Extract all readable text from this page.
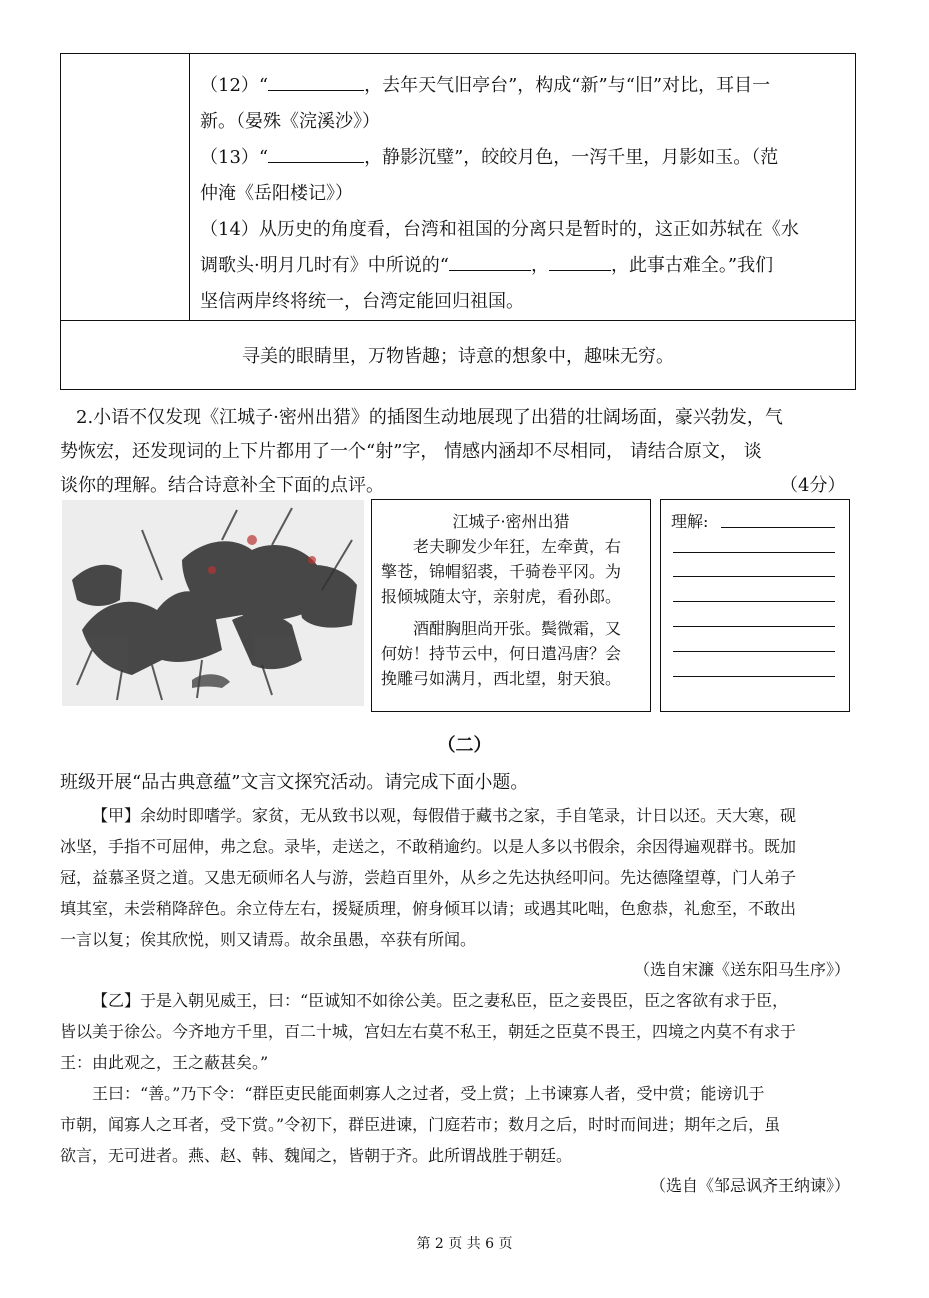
（12）“	，去年天气旧亭台”，构成“新”与“旧”对比，耳目一
新。（晏殊《浣溪沙》）
（13）“	，静影沉璧”，皎皎月色，一泻千里，月影如玉。（范
仲淹《岳阳楼记》）
（14）从历史的角度看，台湾和祖国的分离只是暂时的，这正如苏轼在《水
调歌头·明月几时有》中所说的“	，	，此事古难全。”我们
坚信两岸终将统一，台湾定能回归祖国。
寻美的眼睛里，万物皆趣；诗意的想象中，趣味无穷。
2.小语不仅发现《江城子·密州出猎》的插图生动地展现了出猎的壮阔场面，豪兴勃发，气
势恢宏，还发现词的上下片都用了一个“射”字， 情感内涵却不尽相同， 请结合原文， 谈
谈你的理解。结合诗意补全下面的点评。	（4分）
江城子·密州出猎
老夫聊发少年狂，左牵黄，右
擎苍，锦帽貂裘，千骑卷平冈。为
报倾城随太守，亲射虎，看孙郎。
酒酣胸胆尚开张。鬓微霜，又
何妨！持节云中，何日遣冯唐？会
挽雕弓如满月，西北望，射天狼。
理解:
（二）
班级开展“品古典意蕴”文言文探究活动。请完成下面小题。
【甲】余幼时即嗜学。家贫，无从致书以观，每假借于藏书之家，手自笔录，计日以还。天大寒，砚
冰坚，手指不可屈伸，弗之怠。录毕，走送之，不敢稍逾约。以是人多以书假余，余因得遍观群书。既加
冠，益慕圣贤之道。又患无硕师名人与游，尝趋百里外，从乡之先达执经叩问。先达德隆望尊，门人弟子
填其室，未尝稍降辞色。余立侍左右，援疑质理，俯身倾耳以请；或遇其叱咄，色愈恭，礼愈至，不敢出
一言以复；俟其欣悦，则又请焉。故余虽愚，卒获有所闻。
（选自宋濂《送东阳马生序》）
【乙】于是入朝见威王，曰：“臣诚知不如徐公美。臣之妻私臣，臣之妾畏臣，臣之客欲有求于臣，
皆以美于徐公。今齐地方千里，百二十城，宫妇左右莫不私王，朝廷之臣莫不畏王，四境之内莫不有求于
王：由此观之，王之蔽甚矣。”
王曰：“善。”乃下令：“群臣吏民能面刺寡人之过者，受上赏；上书谏寡人者，受中赏；能谤讥于
市朝，闻寡人之耳者，受下赏。”令初下，群臣进谏，门庭若市；数月之后，时时而间进；期年之后，虽
欲言，无可进者。燕、赵、韩、魏闻之，皆朝于齐。此所谓战胜于朝廷。
（选自《邹忌讽齐王纳谏》）
第 2 页 共 6 页
